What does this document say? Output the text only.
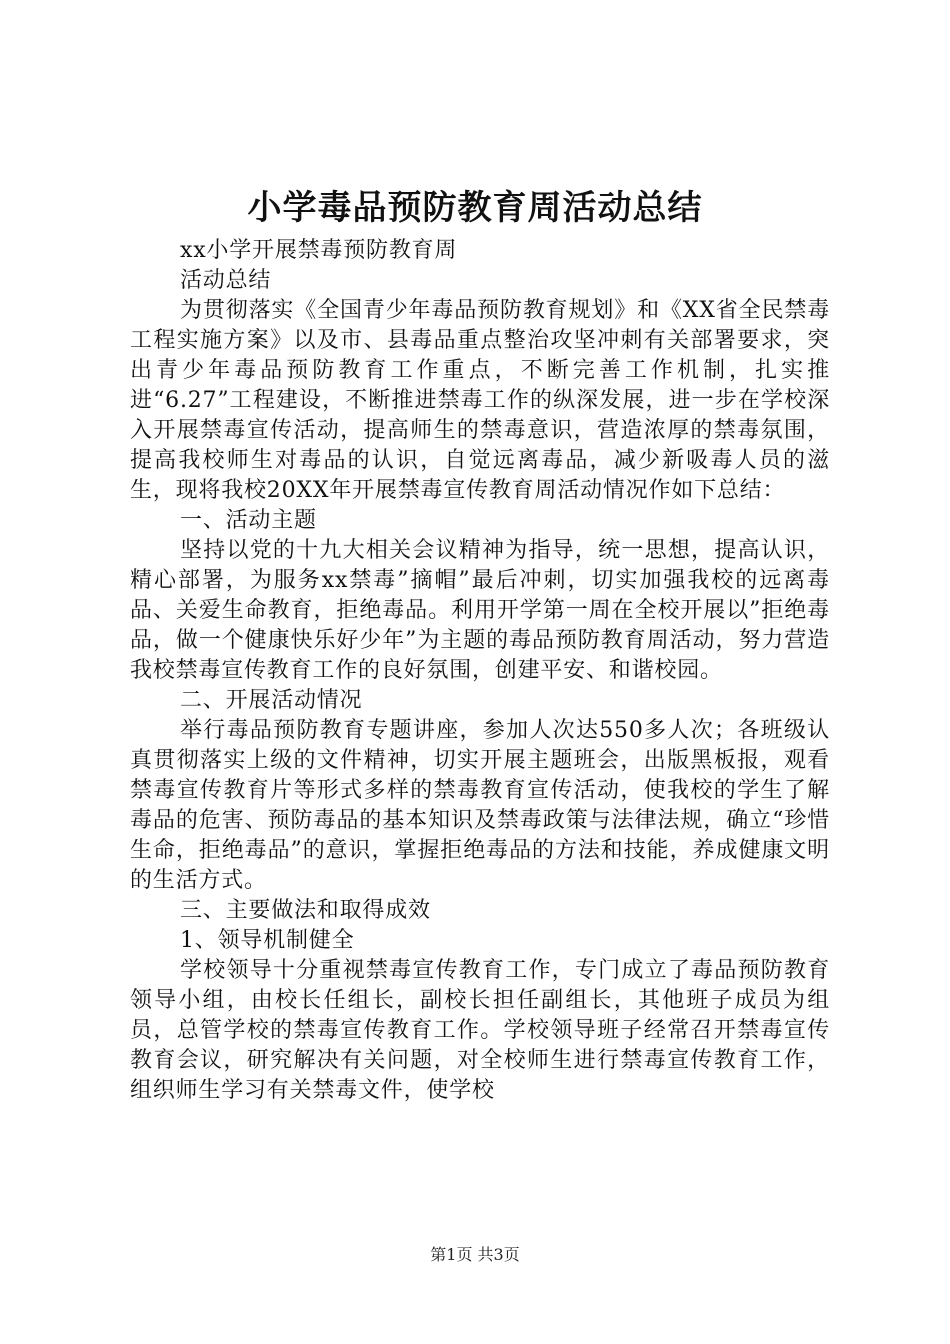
小学毒品预防教育周活动总结
xx小学开展禁毒预防教育周
活动总结

为贯彻落实《全国青少年毒品预防教育规划》和《XX省全民禁毒工程实施方案》以及市、县毒品重点整治攻坚冲刺有关部署要求，突出青少年毒品预防教育工作重点，不断完善工作机制，扎实推进“6.27”工程建设，不断推进禁毒工作的纵深发展，进一步在学校深入开展禁毒宣传活动，提高师生的禁毒意识，营造浓厚的禁毒氛围，提高我校师生对毒品的认识，自觉远离毒品，减少新吸毒人员的滋生，现将我校20XX年开展禁毒宣传教育周活动情况作如下总结：

一、活动主题

坚持以党的十九大相关会议精神为指导，统一思想，提高认识，精心部署，为服务xx禁毒”摘帽”最后冲刺，切实加强我校的远离毒品、关爱生命教育，拒绝毒品。利用开学第一周在全校开展以”拒绝毒品，做一个健康快乐好少年”为主题的毒品预防教育周活动，努力营造我校禁毒宣传教育工作的良好氛围，创建平安、和谐校园。

二、开展活动情况

举行毒品预防教育专题讲座，参加人次达550多人次；各班级认真贯彻落实上级的文件精神，切实开展主题班会，出版黑板报，观看禁毒宣传教育片等形式多样的禁毒教育宣传活动，使我校的学生了解毒品的危害、预防毒品的基本知识及禁毒政策与法律法规，确立“珍惜生命，拒绝毒品”的意识，掌握拒绝毒品的方法和技能，养成健康文明的生活方式。

三、主要做法和取得成效

1、领导机制健全

学校领导十分重视禁毒宣传教育工作，专门成立了毒品预防教育领导小组，由校长任组长，副校长担任副组长，其他班子成员为组员，总管学校的禁毒宣传教育工作。学校领导班子经常召开禁毒宣传教育会议，研究解决有关问题，对全校师生进行禁毒宣传教育工作，组织师生学习有关禁毒文件，使学校

第1页 共3页
